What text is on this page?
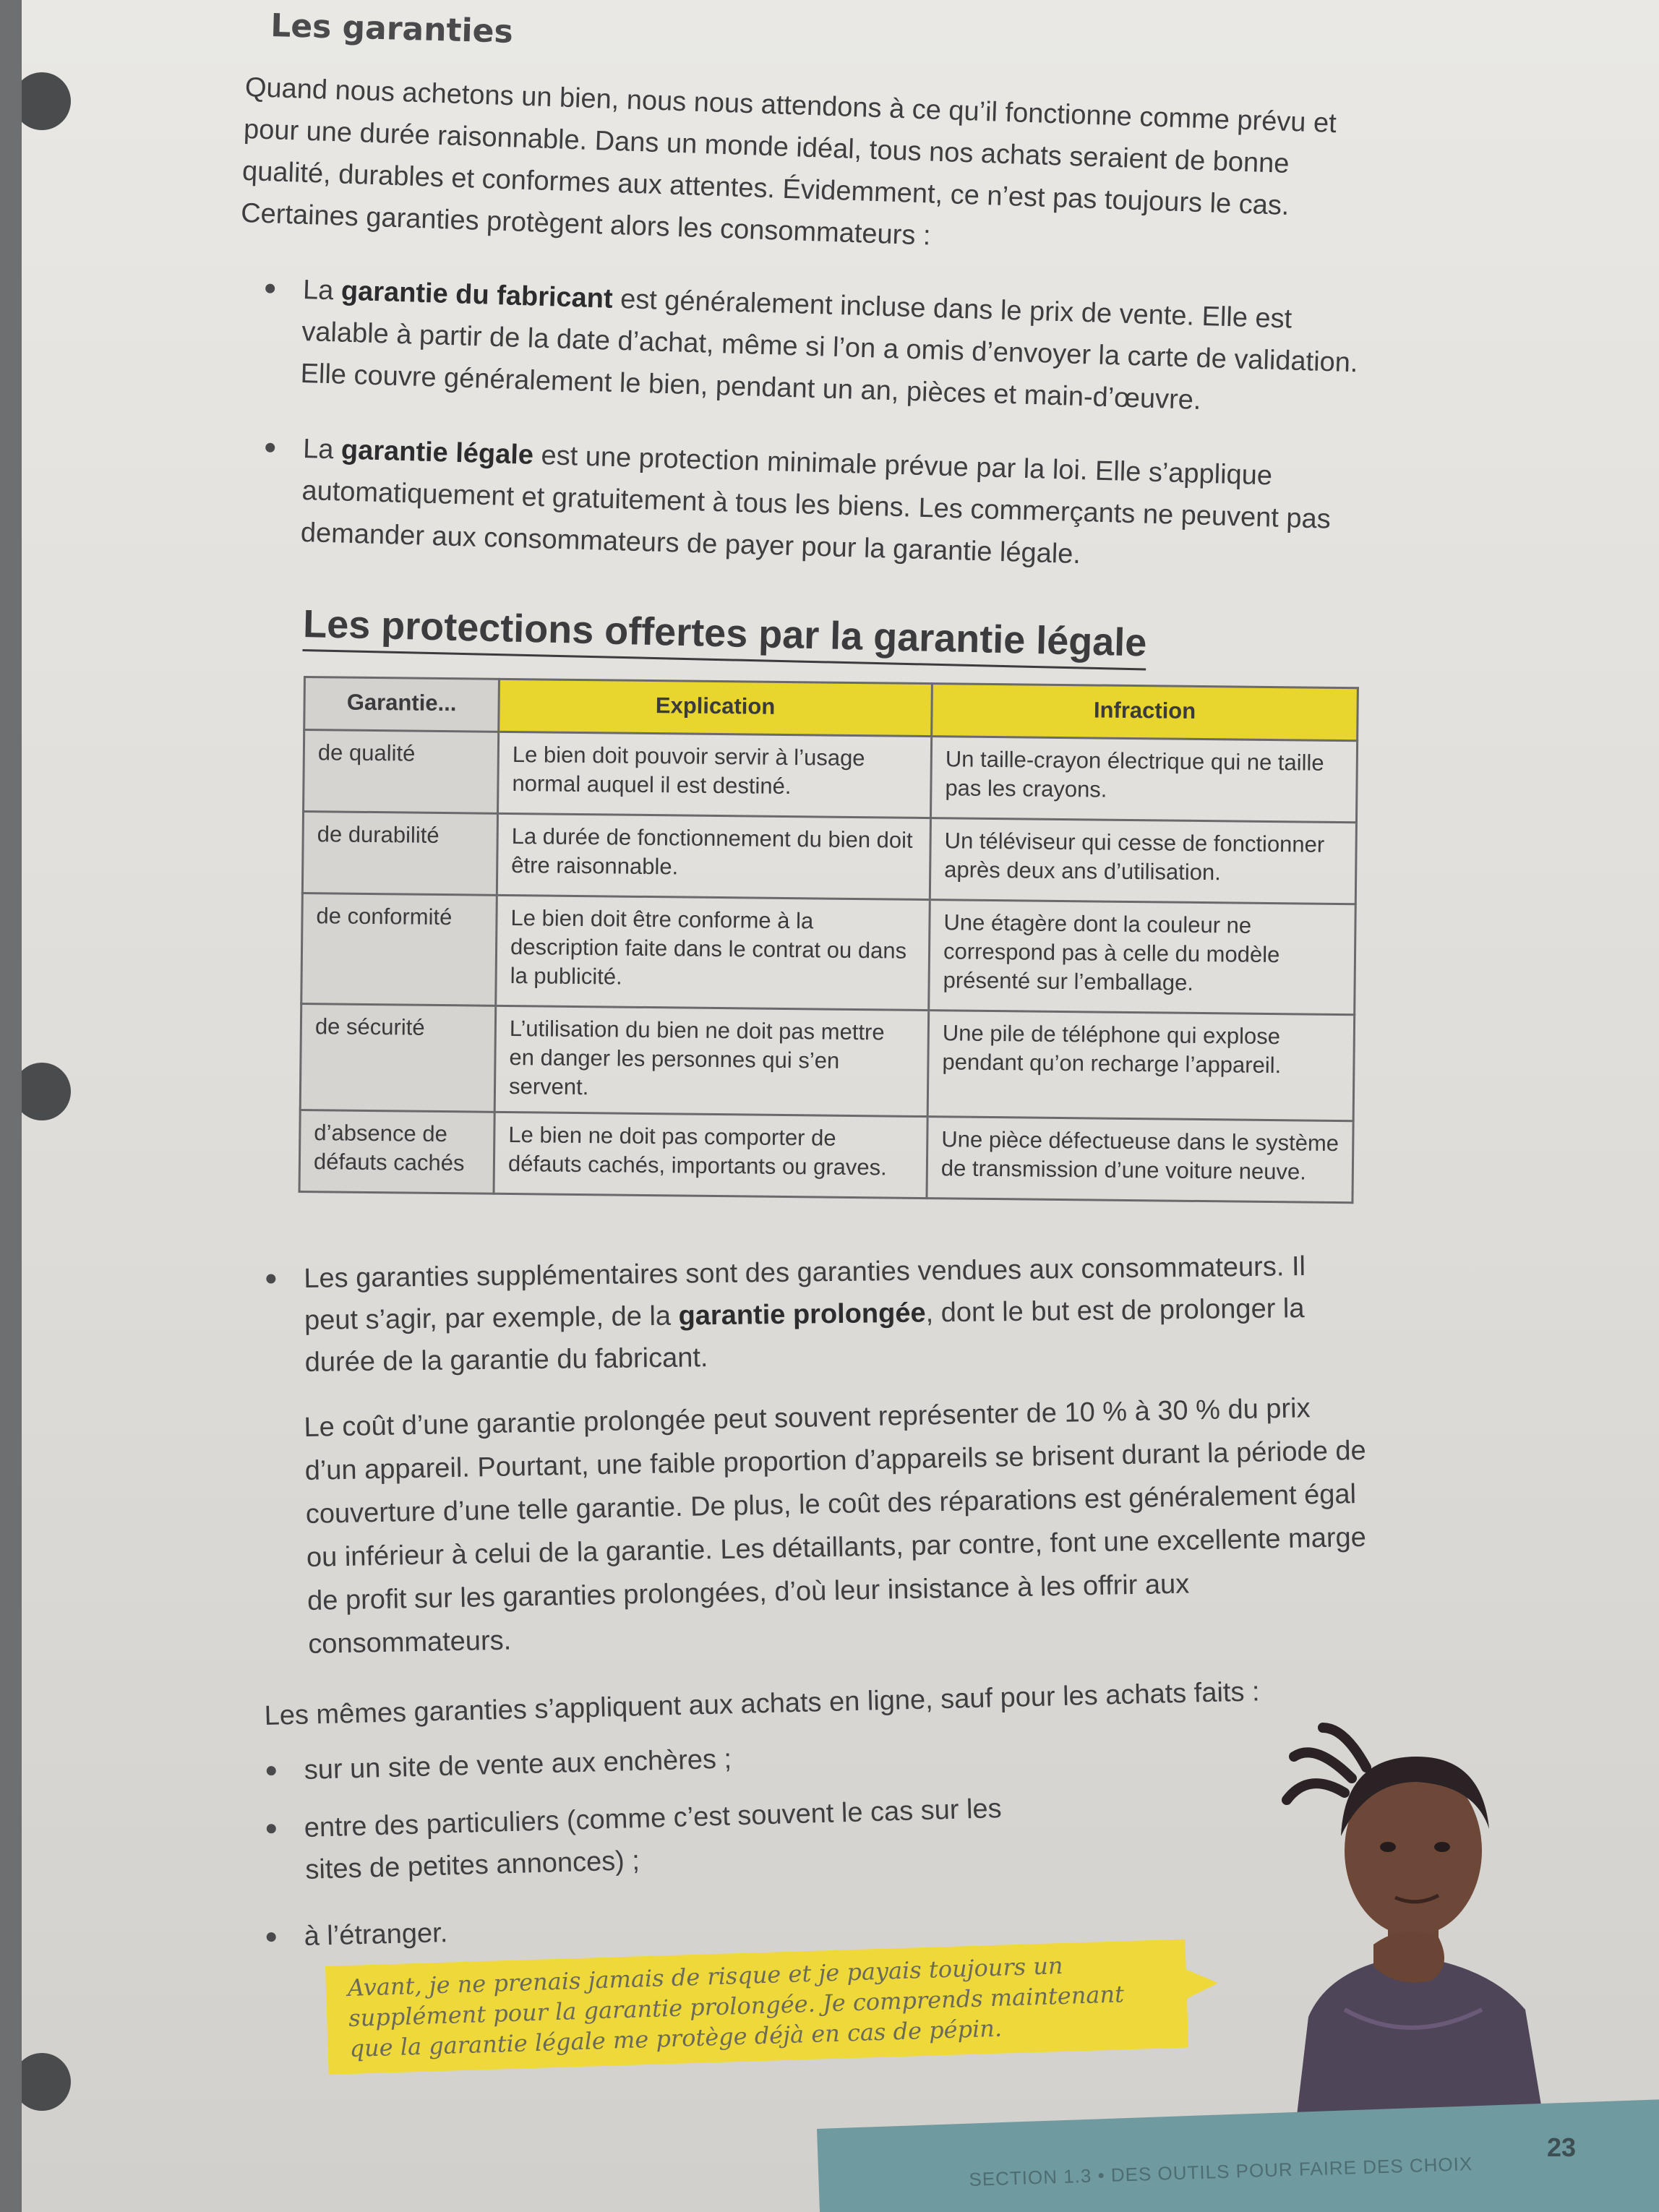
Les garanties

Quand nous achetons un bien, nous nous attendons à ce qu’il fonctionne comme prévu et pour une durée raisonnable. Dans un monde idéal, tous nos achats seraient de bonne qualité, durables et conformes aux attentes. Évidemment, ce n’est pas toujours le cas. Certaines garanties protègent alors les consommateurs :

La garantie du fabricant est généralement incluse dans le prix de vente. Elle est valable à partir de la date d’achat, même si l’on a omis d’envoyer la carte de validation. Elle couvre généralement le bien, pendant un an, pièces et main-d’œuvre.
La garantie légale est une protection minimale prévue par la loi. Elle s’applique automatiquement et gratuitement à tous les biens. Les commerçants ne peuvent pas demander aux consommateurs de payer pour la garantie légale.
Les protections offertes par la garantie légale
Garantie...	Explication	Infraction
de qualité	Le bien doit pouvoir servir à l’usage normal auquel il est destiné.	Un taille-crayon électrique qui ne taille pas les crayons.
de durabilité	La durée de fonctionnement du bien doit être raisonnable.	Un téléviseur qui cesse de fonctionner après deux ans d’utilisation.
de conformité	Le bien doit être conforme à la description faite dans le contrat ou dans la publicité.	Une étagère dont la couleur ne correspond pas à celle du modèle présenté sur l’emballage.
de sécurité	L’utilisation du bien ne doit pas mettre en danger les personnes qui s’en servent.	Une pile de téléphone qui explose pendant qu’on recharge l’appareil.
d’absence de défauts cachés	Le bien ne doit pas comporter de défauts cachés, importants ou graves.	Une pièce défectueuse dans le système de transmission d’une voiture neuve.
Les garanties supplémentaires sont des garanties vendues aux consommateurs. Il peut s’agir, par exemple, de la garantie prolongée, dont le but est de prolonger la durée de la garantie du fabricant.

Le coût d’une garantie prolongée peut souvent représenter de 10 % à 30 % du prix d’un appareil. Pourtant, une faible proportion d’appareils se brisent durant la période de couverture d’une telle garantie. De plus, le coût des réparations est généralement égal ou inférieur à celui de la garantie. Les détaillants, par contre, font une excellente marge de profit sur les garanties prolongées, d’où leur insistance à les offrir aux consommateurs.

Les mêmes garanties s’appliquent aux achats en ligne, sauf pour les achats faits :

sur un site de vente aux enchères ;
entre des particuliers (comme c’est souvent le cas sur les sites de petites annonces) ;
à l’étranger.
Avant, je ne prenais jamais de risque et je payais toujours un supplément pour la garantie prolongée. Je comprends maintenant que la garantie légale me protège déjà en cas de pépin.
SECTION 1.3 • DES OUTILS POUR FAIRE DES CHOIX
23
